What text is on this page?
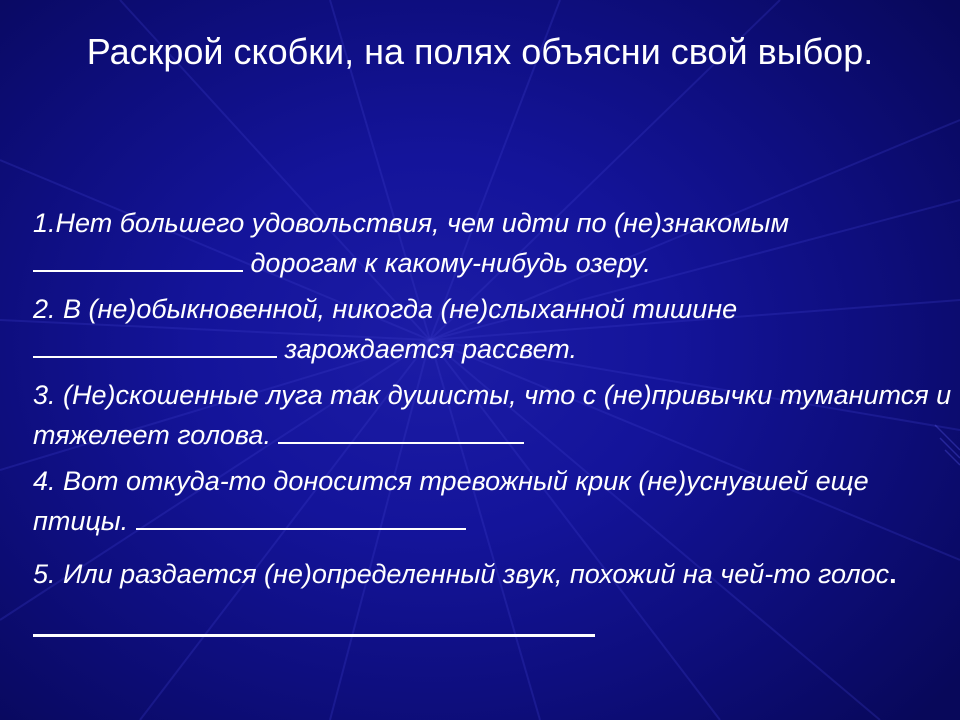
Раскрой скобки, на полях объясни свой выбор.
1.Нет большего удовольствия, чем идти по (не)знакомым дорогам к какому-нибудь озеру.
2. В (не)обыкновенной, никогда (не)слыханной тишине  зарождается рассвет.
3. (Не)скошенные луга так душисты, что с (не)привычки туманится и тяжелеет голова.
4. Вот откуда-то доносится тревожный крик (не)уснувшей еще птицы.
5. Или раздается (не)определенный звук, похожий на чей-то голос.
